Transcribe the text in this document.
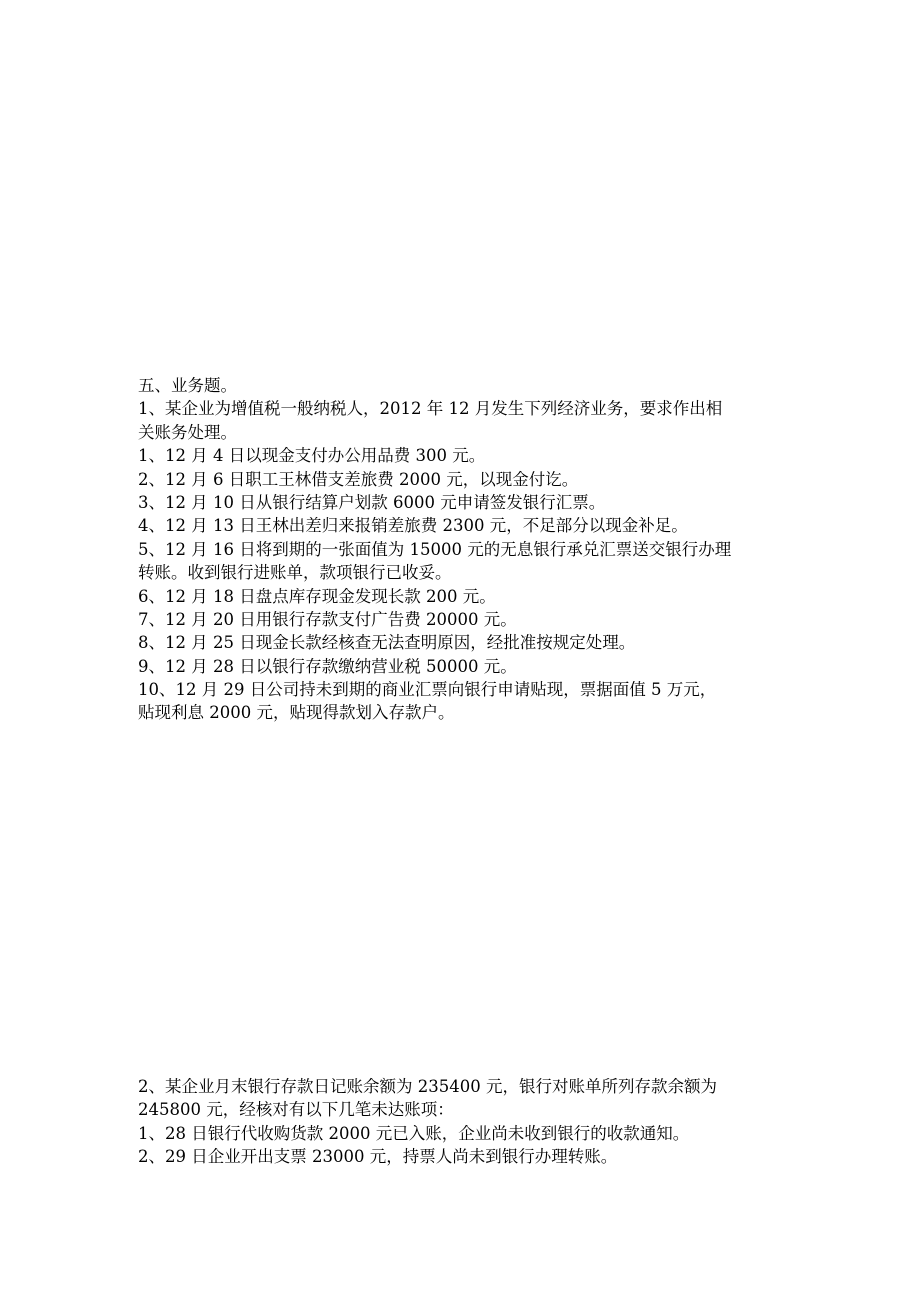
五、业务题。
1、某企业为增值税一般纳税人，2012 年 12 月发生下列经济业务，要求作出相
关账务处理。
1、12 月 4 日以现金支付办公用品费 300 元。
2、12 月 6 日职工王林借支差旅费 2000 元，以现金付讫。
3、12 月 10 日从银行结算户划款 6000 元申请签发银行汇票。
4、12 月 13 日王林出差归来报销差旅费 2300 元，不足部分以现金补足。
5、12 月 16 日将到期的一张面值为 15000 元的无息银行承兑汇票送交银行办理
转账。收到银行进账单，款项银行已收妥。
6、12 月 18 日盘点库存现金发现长款 200 元。
7、12 月 20 日用银行存款支付广告费 20000 元。
8、12 月 25 日现金长款经核查无法查明原因，经批准按规定处理。
9、12 月 28 日以银行存款缴纳营业税 50000 元。
10、12 月 29 日公司持未到期的商业汇票向银行申请贴现，票据面值 5 万元，
贴现利息 2000 元，贴现得款划入存款户。
2、某企业月末银行存款日记账余额为 235400 元，银行对账单所列存款余额为
245800 元，经核对有以下几笔未达账项：
1、28 日银行代收购货款 2000 元已入账，企业尚未收到银行的收款通知。
2、29 日企业开出支票 23000 元，持票人尚未到银行办理转账。
